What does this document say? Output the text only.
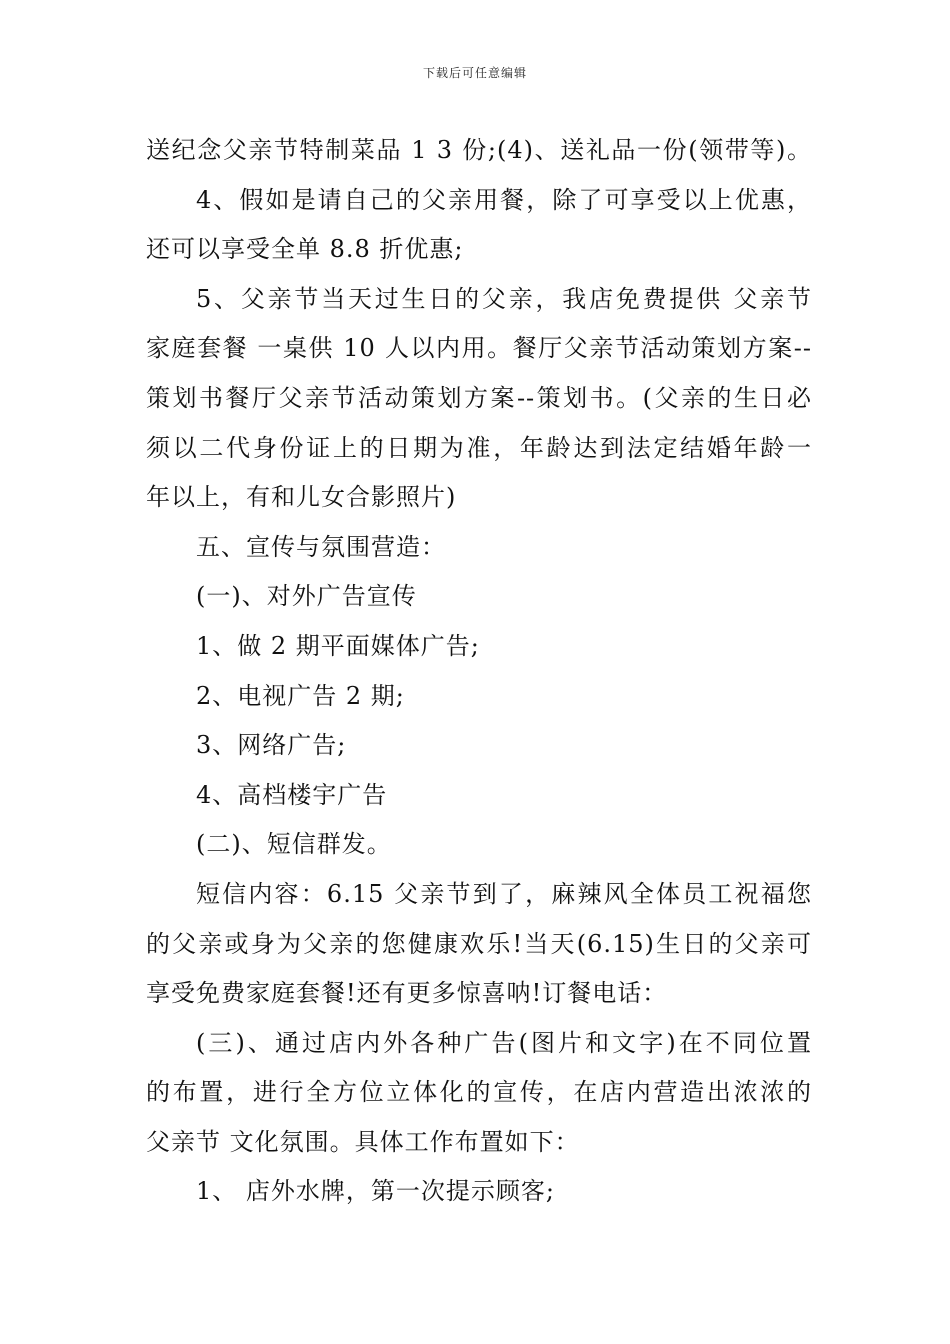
下载后可任意编辑
送纪念父亲节特制菜品 1 3 份;(4)、送礼品一份(领带等)。
4、假如是请自己的父亲用餐，除了可享受以上优惠，
还可以享受全单 8.8 折优惠;
5、父亲节当天过生日的父亲，我店免费提供 父亲节
家庭套餐 一桌供 10 人以内用。餐厅父亲节活动策划方案--
策划书餐厅父亲节活动策划方案--策划书。(父亲的生日必
须以二代身份证上的日期为准，年龄达到法定结婚年龄一
年以上，有和儿女合影照片)
五、宣传与氛围营造：
(一)、对外广告宣传
1、做 2 期平面媒体广告;
2、电视广告 2 期;
3、网络广告;
4、高档楼宇广告
(二)、短信群发。
短信内容：6.15 父亲节到了，麻辣风全体员工祝福您
的父亲或身为父亲的您健康欢乐!当天(6.15)生日的父亲可
享受免费家庭套餐!还有更多惊喜呐!订餐电话：
(三)、通过店内外各种广告(图片和文字)在不同位置
的布置，进行全方位立体化的宣传，在店内营造出浓浓的
父亲节 文化氛围。具体工作布置如下：
1、 店外水牌，第一次提示顾客;
